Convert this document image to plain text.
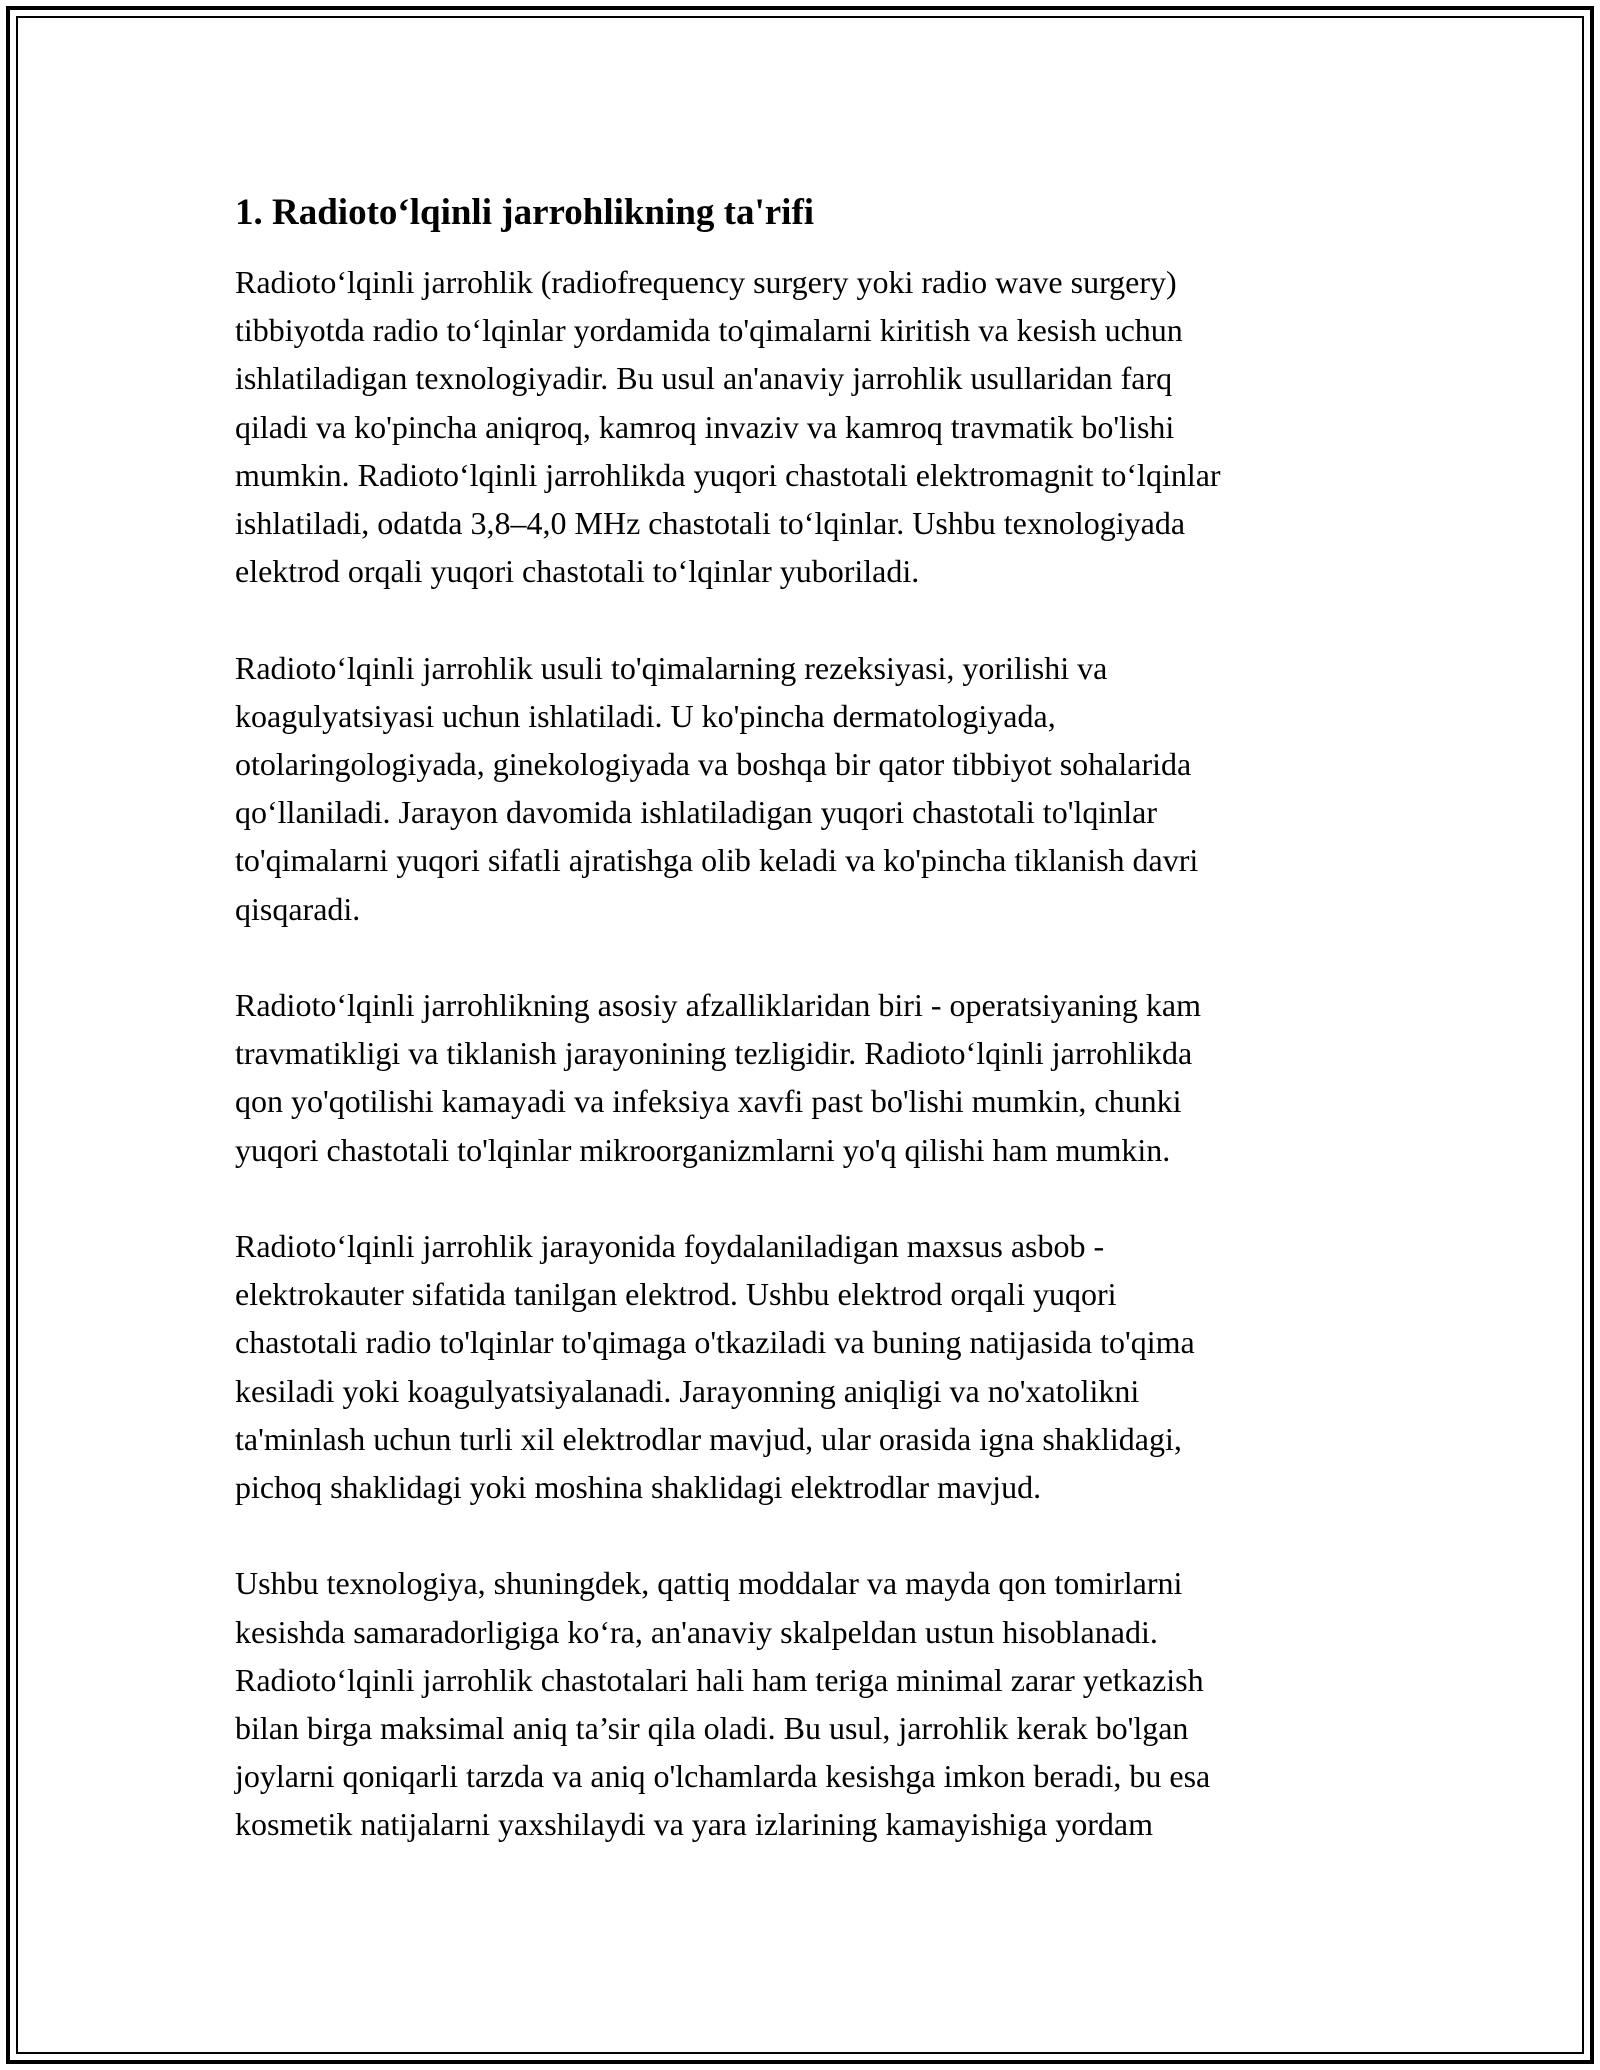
1. Radioto‘lqinli jarrohlikning ta'rifi

Radioto‘lqinli jarrohlik (radiofrequency surgery yoki radio wave surgery)
tibbiyotda radio to‘lqinlar yordamida to'qimalarni kiritish va kesish uchun
ishlatiladigan texnologiyadir. Bu usul an'anaviy jarrohlik usullaridan farq
qiladi va ko'pincha aniqroq, kamroq invaziv va kamroq travmatik bo'lishi
mumkin. Radioto‘lqinli jarrohlikda yuqori chastotali elektromagnit to‘lqinlar
ishlatiladi, odatda 3,8–4,0 MHz chastotali to‘lqinlar. Ushbu texnologiyada
elektrod orqali yuqori chastotali to‘lqinlar yuboriladi.

Radioto‘lqinli jarrohlik usuli to'qimalarning rezeksiyasi, yorilishi va
koagulyatsiyasi uchun ishlatiladi. U ko'pincha dermatologiyada,
otolaringologiyada, ginekologiyada va boshqa bir qator tibbiyot sohalarida
qo‘llaniladi. Jarayon davomida ishlatiladigan yuqori chastotali to'lqinlar
to'qimalarni yuqori sifatli ajratishga olib keladi va ko'pincha tiklanish davri
qisqaradi.

Radioto‘lqinli jarrohlikning asosiy afzalliklaridan biri - operatsiyaning kam
travmatikligi va tiklanish jarayonining tezligidir. Radioto‘lqinli jarrohlikda
qon yo'qotilishi kamayadi va infeksiya xavfi past bo'lishi mumkin, chunki
yuqori chastotali to'lqinlar mikroorganizmlarni yo'q qilishi ham mumkin.

Radioto‘lqinli jarrohlik jarayonida foydalaniladigan maxsus asbob -
elektrokauter sifatida tanilgan elektrod. Ushbu elektrod orqali yuqori
chastotali radio to'lqinlar to'qimaga o'tkaziladi va buning natijasida to'qima
kesiladi yoki koagulyatsiyalanadi. Jarayonning aniqligi va no'xatolikni
ta'minlash uchun turli xil elektrodlar mavjud, ular orasida igna shaklidagi,
pichoq shaklidagi yoki moshina shaklidagi elektrodlar mavjud.

Ushbu texnologiya, shuningdek, qattiq moddalar va mayda qon tomirlarni
kesishda samaradorligiga ko‘ra, an'anaviy skalpeldan ustun hisoblanadi.
Radioto‘lqinli jarrohlik chastotalari hali ham teriga minimal zarar yetkazish
bilan birga maksimal aniq ta’sir qila oladi. Bu usul, jarrohlik kerak bo'lgan
joylarni qoniqarli tarzda va aniq o'lchamlarda kesishga imkon beradi, bu esa
kosmetik natijalarni yaxshilaydi va yara izlarining kamayishiga yordam
